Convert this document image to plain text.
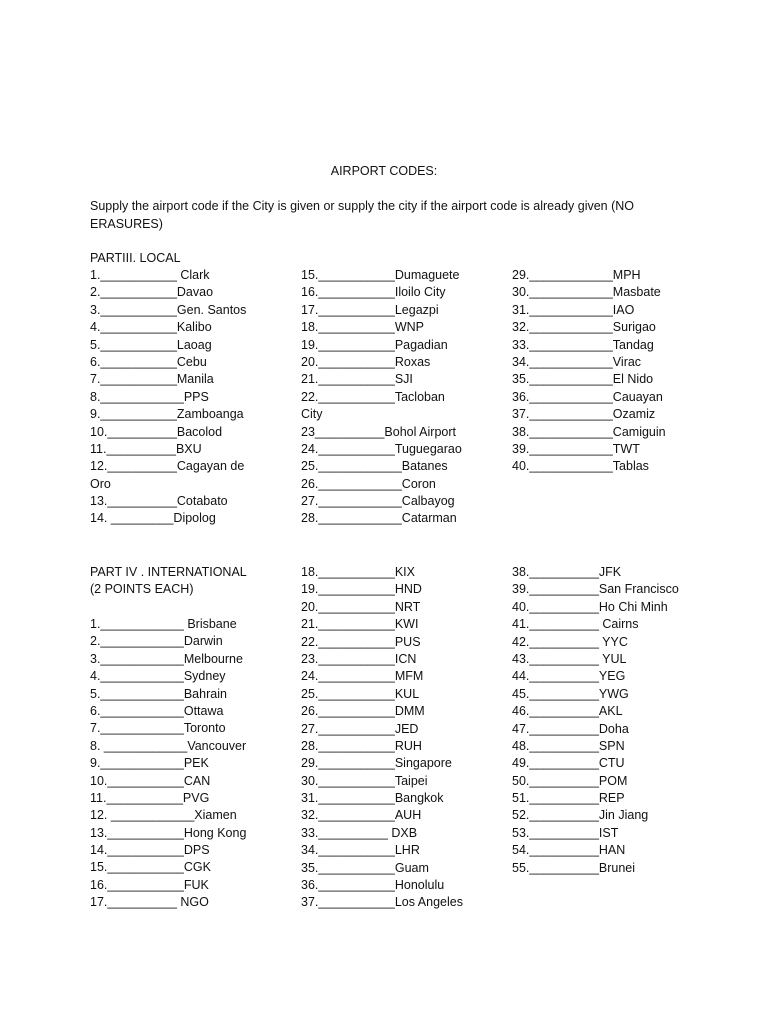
AIRPORT CODES:
Supply the airport code if the City is given or supply the city if the airport code is already given (NO ERASURES)
PARTIII. LOCAL
1.___________ Clark
2.___________Davao
3.___________Gen. Santos
4.___________Kalibo
5.___________Laoag
6.___________Cebu
7.___________Manila
8.____________PPS
9.___________Zamboanga
10.__________Bacolod
11.__________BXU
12.__________Cagayan de
Oro
13.__________Cotabato
14. _________Dipolog
15.___________Dumaguete
16.___________Iloilo City
17.___________Legazpi
18.___________WNP
19.___________Pagadian
20.___________Roxas
21.___________SJI
22.___________Tacloban
City
23__________Bohol Airport
24.___________Tuguegarao
25.____________Batanes
26.____________Coron
27.____________Calbayog
28.____________Catarman
29.____________MPH
30.____________Masbate
31.____________IAO
32.____________Surigao
33.____________Tandag
34.____________Virac
35.____________El Nido
36.____________Cauayan
37.____________Ozamiz
38.____________Camiguin
39.____________TWT
40.____________Tablas
PART IV . INTERNATIONAL
(2 POINTS EACH)
1.____________ Brisbane
2.____________Darwin
3.____________Melbourne
4.____________Sydney
5.____________Bahrain
6.____________Ottawa
7.____________Toronto
8. ____________Vancouver
9.____________PEK
10.___________CAN
11.___________PVG
12. ____________Xiamen
13.___________Hong Kong
14.___________DPS
15.___________CGK
16.___________FUK
17.__________ NGO
18.___________KIX
19.___________HND
20.___________NRT
21.___________KWI
22.___________PUS
23.___________ICN
24.___________MFM
25.___________KUL
26.___________DMM
27.___________JED
28.___________RUH
29.___________Singapore
30.___________Taipei
31.___________Bangkok
32.___________AUH
33.__________ DXB
34.___________LHR
35.___________Guam
36.___________Honolulu
37.___________Los Angeles
38.__________JFK
39.__________San Francisco
40.__________Ho Chi Minh
41.__________ Cairns
42.__________ YYC
43.__________ YUL
44.__________YEG
45.__________YWG
46.__________AKL
47.__________Doha
48.__________SPN
49.__________CTU
50.__________POM
51.__________REP
52.__________Jin Jiang
53.__________IST
54.__________HAN
55.__________Brunei
